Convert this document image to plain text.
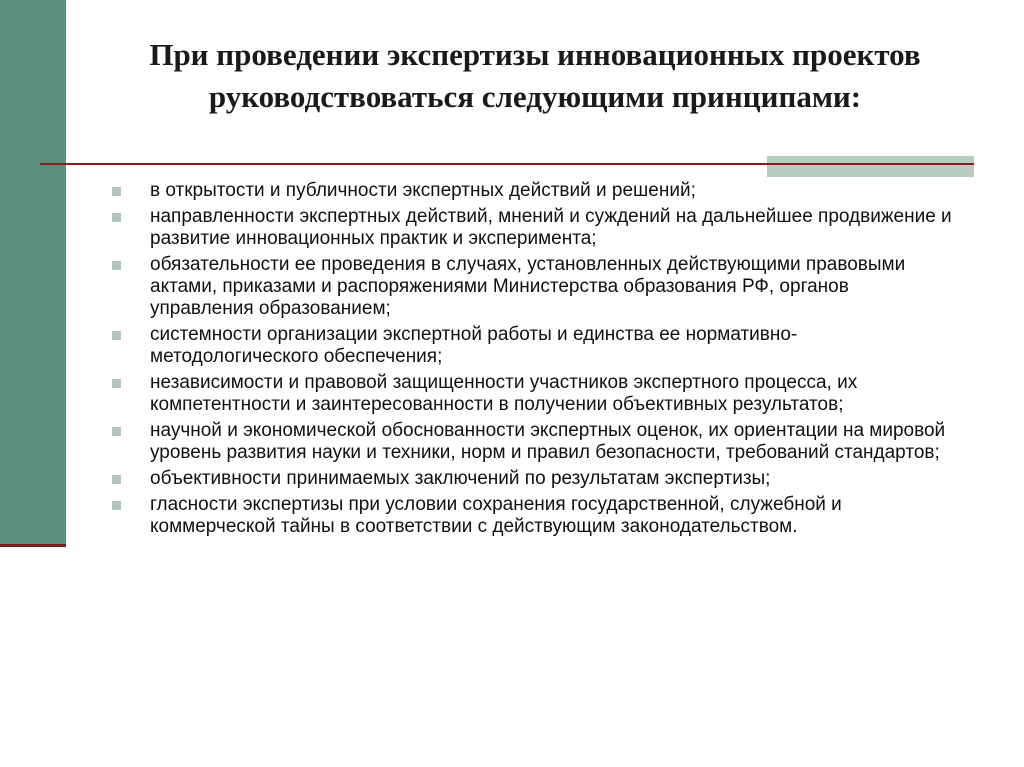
При проведении экспертизы инновационных проектов руководствоваться следующими принципами:
в открытости и публичности экспертных действий и решений;
направленности экспертных действий, мнений и суждений на дальнейшее продвижение и развитие инновационных практик и эксперимента;
обязательности ее проведения в случаях, установленных действующими правовыми актами, приказами и распоряжениями Министерства образования РФ, органов управления образованием;
системности организации экспертной работы и единства ее нормативно-методологического обеспечения;
независимости и правовой защищенности участников экспертного процесса, их компетентности и заинтересованности в получении объективных результатов;
научной и экономической обоснованности экспертных оценок, их ориентации на мировой уровень развития науки и техники, норм и правил безопасности, требований стандартов;
объективности принимаемых заключений по результатам экспертизы;
гласности экспертизы при условии сохранения государственной, служебной и коммерческой тайны в соответствии с действующим законодательством.
